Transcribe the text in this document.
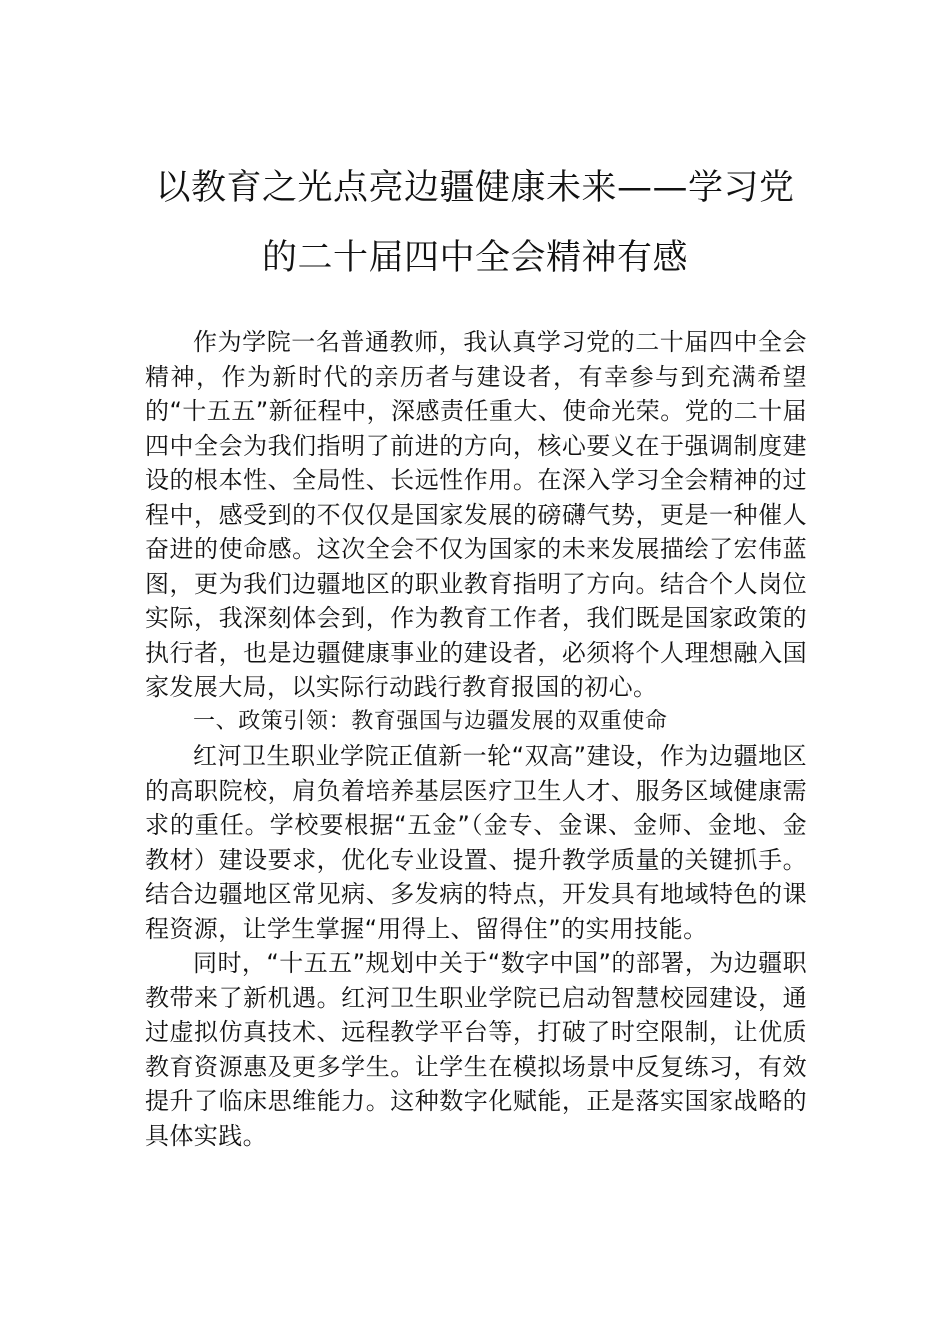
以教育之光点亮边疆健康未来——学习党
的二十届四中全会精神有感

作为学院一名普通教师，我认真学习党的二十届四中全会精神，作为新时代的亲历者与建设者，有幸参与到充满希望的“十五五”新征程中，深感责任重大、使命光荣。党的二十届四中全会为我们指明了前进的方向，核心要义在于强调制度建设的根本性、全局性、长远性作用。在深入学习全会精神的过程中，感受到的不仅仅是国家发展的磅礴气势，更是一种催人奋进的使命感。这次全会不仅为国家的未来发展描绘了宏伟蓝图，更为我们边疆地区的职业教育指明了方向。结合个人岗位实际，我深刻体会到，作为教育工作者，我们既是国家政策的执行者，也是边疆健康事业的建设者，必须将个人理想融入国家发展大局，以实际行动践行教育报国的初心。

一、政策引领：教育强国与边疆发展的双重使命

红河卫生职业学院正值新一轮“双高”建设，作为边疆地区的高职院校，肩负着培养基层医疗卫生人才、服务区域健康需求的重任。学校要根据“五金”（金专、金课、金师、金地、金教材）建设要求，优化专业设置、提升教学质量的关键抓手。结合边疆地区常见病、多发病的特点，开发具有地域特色的课程资源，让学生掌握“用得上、留得住”的实用技能。

同时，“十五五”规划中关于“数字中国”的部署，为边疆职教带来了新机遇。红河卫生职业学院已启动智慧校园建设，通过虚拟仿真技术、远程教学平台等，打破了时空限制，让优质教育资源惠及更多学生。让学生在模拟场景中反复练习，有效提升了临床思维能力。这种数字化赋能，正是落实国家战略的具体实践。
